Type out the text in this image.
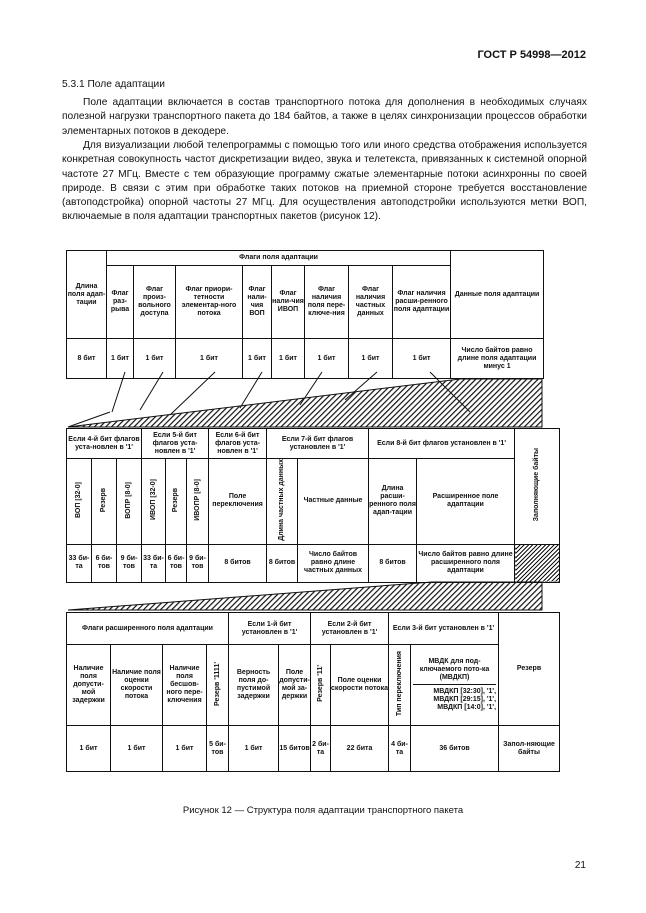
ГОСТ Р 54998—2012
5.3.1 Поле адаптации
Поле адаптации включается в состав транспортного потока для дополнения в необходимых случаях полезной нагрузки транспортного пакета до 184 байтов, а также в целях синхронизации процессов обработки элементарных потоков в декодере.
Для визуализации любой телепрограммы с помощью того или иного средства отображения используется конкретная совокупность частот дискретизации видео, звука и телетекста, привязанных к системной опорной частоте 27 МГц. Вместе с тем образующие программу сжатые элементарные потоки асинхронны по своей природе. В связи с этим при обработке таких потоков на приемной стороне требуется восстановление (автоподстройка) опорной частоты 27 МГц. Для осуществления автоподстройки используются метки ВОП, включаемые в поля адаптации транспортных пакетов (рисунок 12).
Длина поля адап-тации	Флаги поля адаптации								Данные поля адаптации
	Флаг раз-рыва	Флаг произ-вольного доступа	Флаг приори-тетности элементар-ного потока	Флаг нали-чия ВОП	Флаг нали-чия ИВОП	Флаг наличия поля пере-ключе-ния	Флаг наличия частных данных	Флаг наличия расши-ренного поля адаптации	
8 бит	1 бит	1 бит	1 бит	1 бит	1 бит	1 бит	1 бит	1 бит	Число байтов равно длине поля адаптации минус 1
Если 4-й бит флагов уста-новлен в '1'			Если 5-й бит флагов уста-новлен в '1'			Если 6-й бит флагов уста-новлен в '1'	Если 7-й бит флагов установлен в '1'		Если 8-й бит флагов установлен в '1'		Заполняющие байты
ВОП [32-0]	Резерв	ВОПР [8-0]	ИВОП [32-0]	Резерв	ИВОПР [8-0]	Поле переключения	Длина частных данных	Частные данные	Длина расши-ренного поля адап-тации	Расширенное поле адаптации	
33 би-та	6 би-тов	9 би-тов	33 би-та	6 би-тов	9 би-тов	8 битов	8 битов	Число байтов равно длине частных данных	8 битов	Число байтов равно длине расширенного поля адаптации	
Флаги расширенного поля адаптации				Если 1-й бит установлен в '1'		Если 2-й бит установлен в '1'		Если 3-й бит установлен в '1'		Резерв
Наличие поля допусти-мой задержки	Наличие поля оценки скорости потока	Наличие поля бесшов-ного пере-ключения	Резерв '1111'	Верность поля до-пустимой задержки	Поле допусти-мой за-держки	Резерв '11'	Поле оценки скорости потока	Тип переключения	МВДК для под-ключаемого пото-ка (МВДКП)
МВДКП [32:30], '1',
МВДКП [29:15], '1',
МВДКП [14:0], '1',	

1 бит	1 бит	1 бит	5 би-тов	1 бит	15 битов	2 би-та	22 бита	4 би-та	36 битов	Запол-няющие байты
Рисунок 12 — Структура поля адаптации транспортного пакета
21
